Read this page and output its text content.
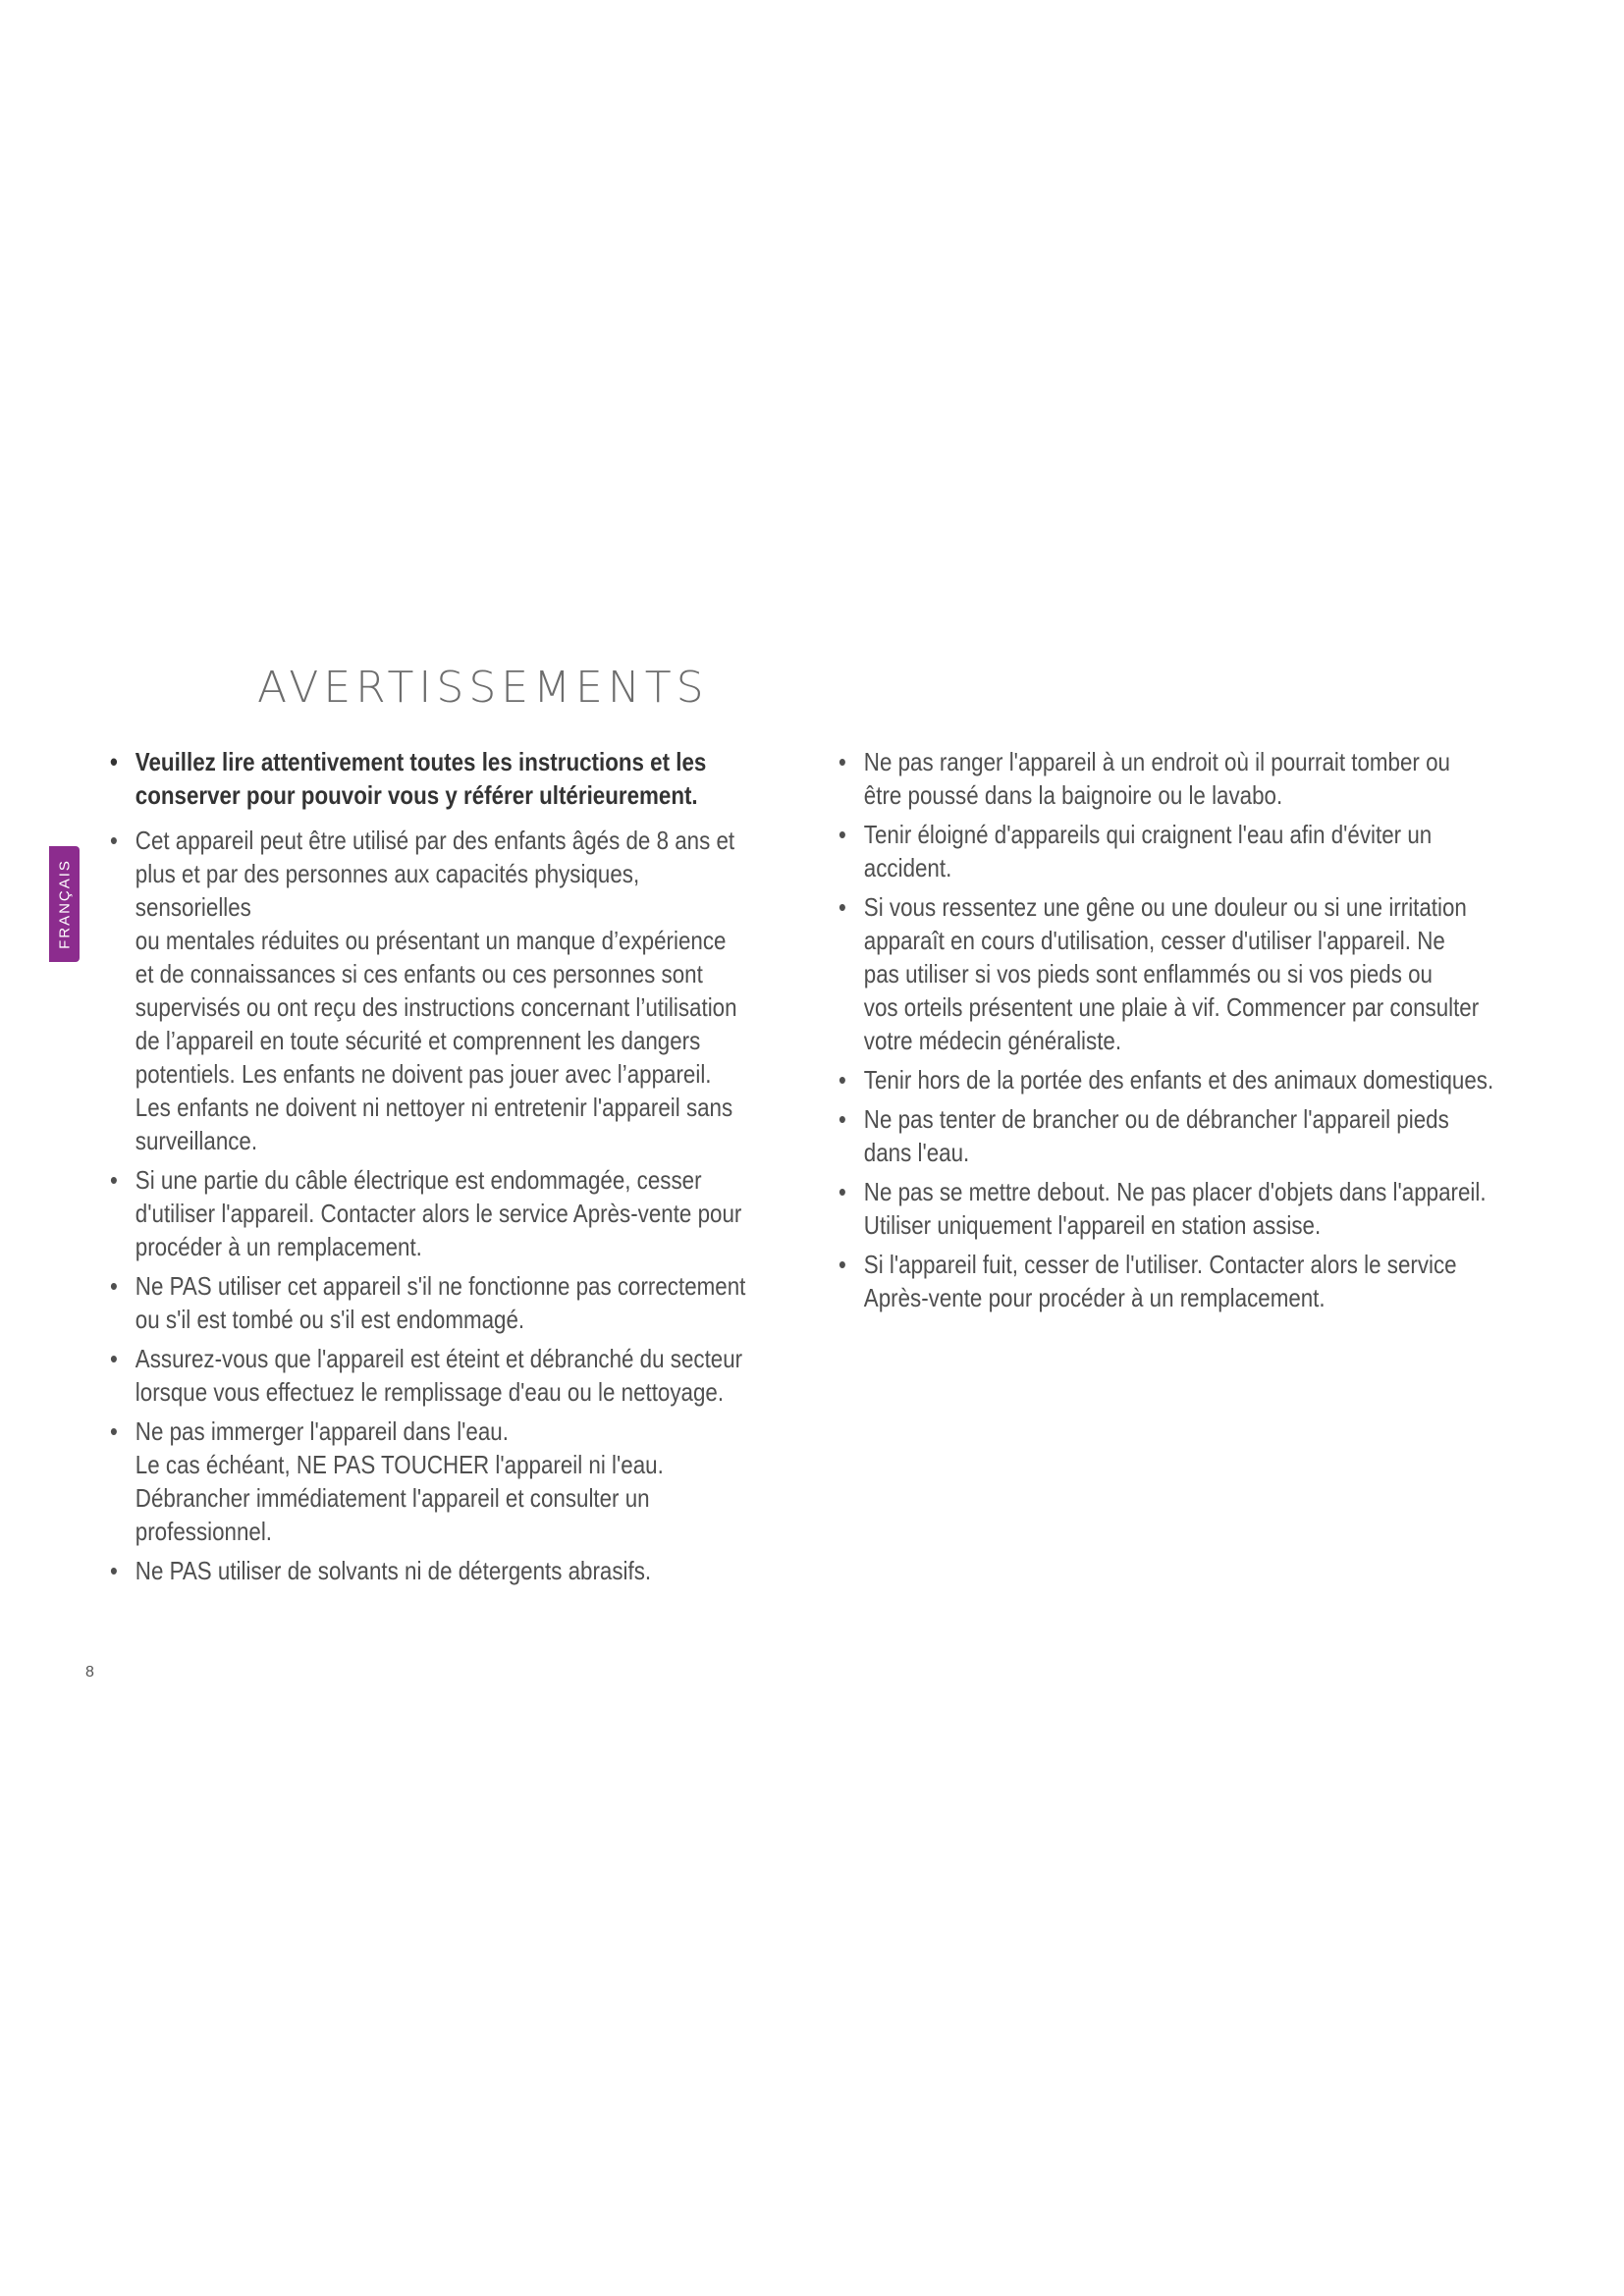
AVERTISSEMENTS
FRANÇAIS
• Veuillez lire attentivement toutes les instructions et les
conserver pour pouvoir vous y référer ultérieurement.
• Cet appareil peut être utilisé par des enfants âgés de 8 ans et
plus et par des personnes aux capacités physiques, sensorielles
ou mentales réduites ou présentant un manque d’expérience
et de connaissances si ces enfants ou ces personnes sont
supervisés ou ont reçu des instructions concernant l’utilisation
de l’appareil en toute sécurité et comprennent les dangers
potentiels. Les enfants ne doivent pas jouer avec l’appareil.
Les enfants ne doivent ni nettoyer ni entretenir l'appareil sans
surveillance.
• Si une partie du câble électrique est endommagée, cesser
d'utiliser l'appareil. Contacter alors le service Après-vente pour
procéder à un remplacement.
• Ne PAS utiliser cet appareil s'il ne fonctionne pas correctement
ou s'il est tombé ou s'il est endommagé.
• Assurez-vous que l'appareil est éteint et débranché du secteur
lorsque vous effectuez le remplissage d'eau ou le nettoyage.
• Ne pas immerger l'appareil dans l'eau.
Le cas échéant, NE PAS TOUCHER l'appareil ni l'eau.
Débrancher immédiatement l'appareil et consulter un
professionnel.
• Ne PAS utiliser de solvants ni de détergents abrasifs.
• Ne pas ranger l'appareil à un endroit où il pourrait tomber ou
être poussé dans la baignoire ou le lavabo.
• Tenir éloigné d'appareils qui craignent l'eau afin d'éviter un
accident.
• Si vous ressentez une gêne ou une douleur ou si une irritation
apparaît en cours d'utilisation, cesser d'utiliser l'appareil. Ne
pas utiliser si vos pieds sont enflammés ou si vos pieds ou
vos orteils présentent une plaie à vif. Commencer par consulter
votre médecin généraliste.
• Tenir hors de la portée des enfants et des animaux domestiques.
• Ne pas tenter de brancher ou de débrancher l'appareil pieds
dans l'eau.
• Ne pas se mettre debout. Ne pas placer d'objets dans l'appareil.
Utiliser uniquement l'appareil en station assise.
• Si l'appareil fuit, cesser de l'utiliser. Contacter alors le service
Après-vente pour procéder à un remplacement.
8
